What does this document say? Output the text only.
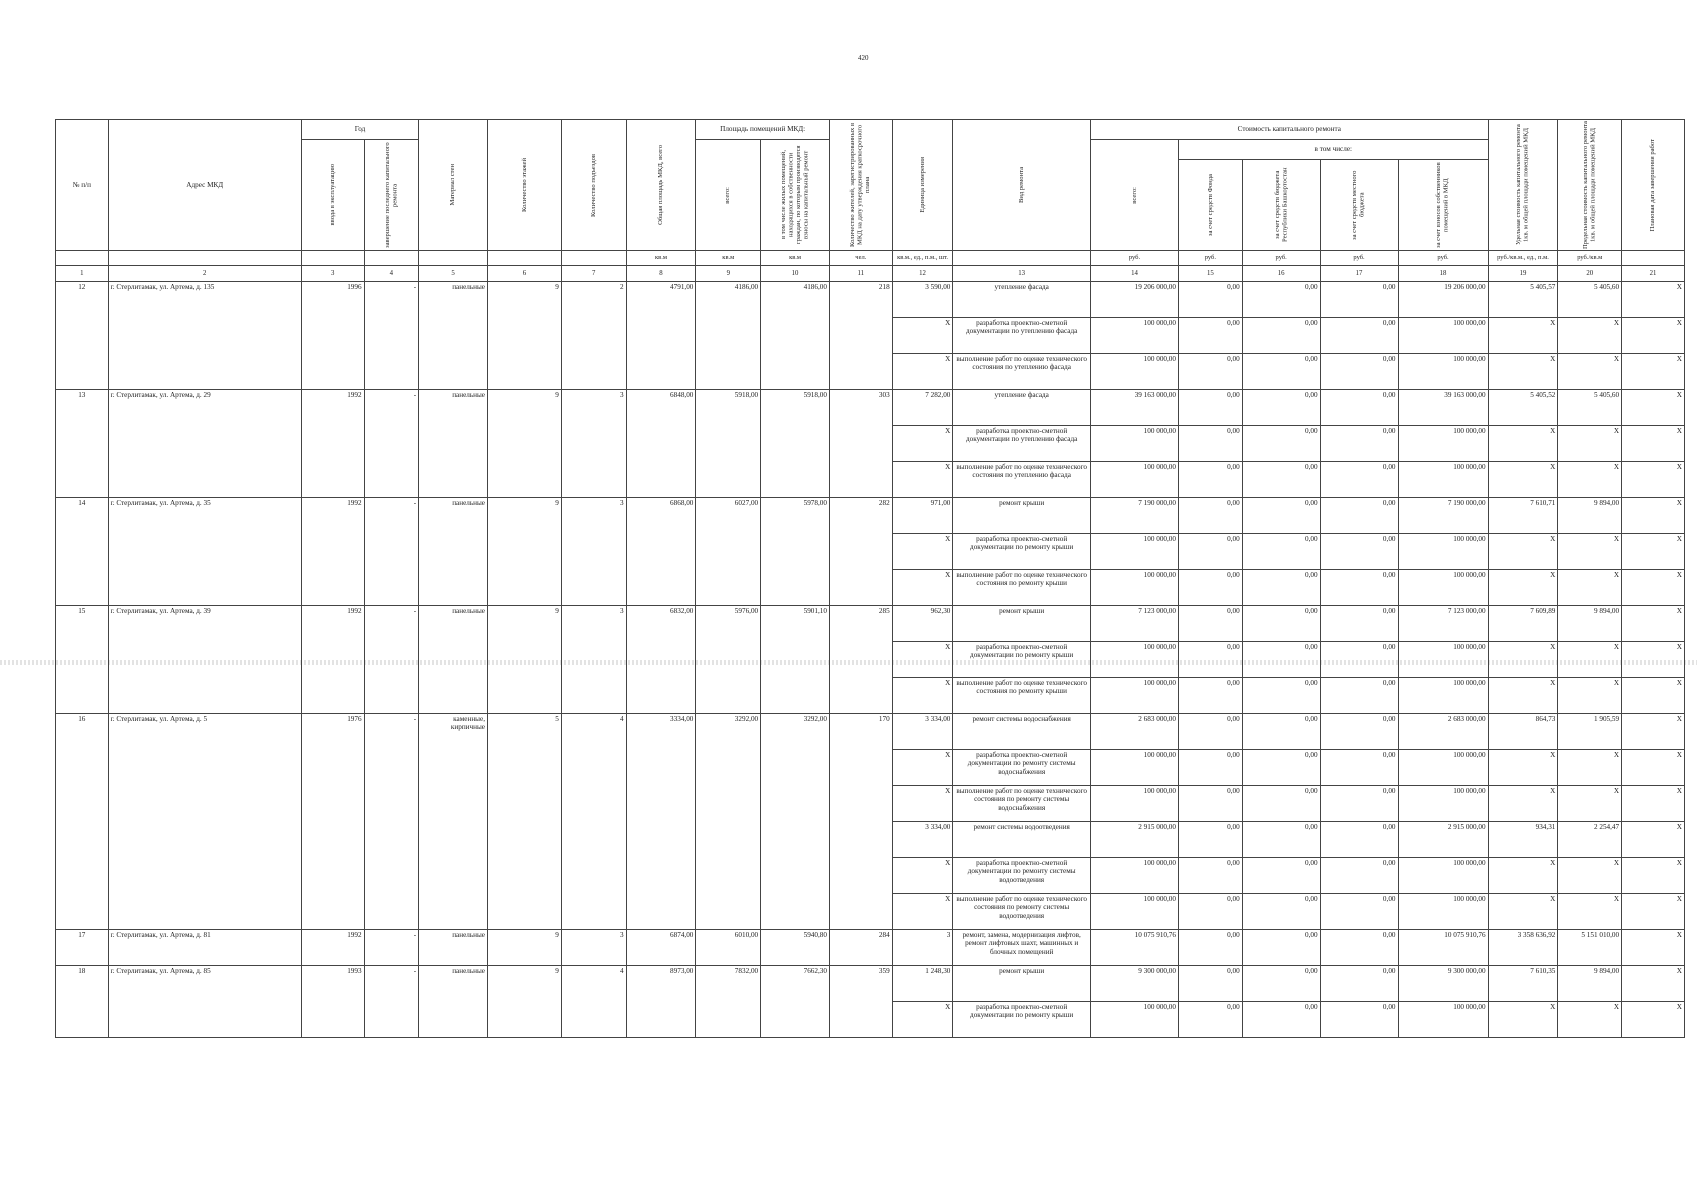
420
№ п/п	Адрес МКД	Год		Материал стен	Количество этажей	Количество подъездов	Общая площадь МКД, всего	Площадь помещений МКД:		Количество жителей, зарегистрированных в МКД на дату утверждения краткосрочного плана	Единица измерения	Вид ремонта	Стоимость капитального ремонта					Удельная стоимость капитального ремонта 1кв. м общей площади помещений МКД	Предельная стоимость капитального ремонта 1кв. м общей площади помещений МКД	Плановая дата завершения работ

		ввода в эксплуатацию	завершение последнего капитального ремонта					всего:	в том числе жилых помещений, находящихся в собственности граждан, по которым производятся взносы на капитальный ремонт				всего:	в том числе:						

														за счет средств Фонда	за счет средств бюджета Республики Башкортостан	за счет средств местного бюджета	за счет взносов собственников помещений в МКД			

							кв.м	кв.м	кв.м	чел.	кв.м., ед., п.м., шт.		руб.	руб.	руб.	руб.	руб.	руб./кв.м., ед., п.м.	руб./кв.м	
1	2	3	4	5	6	7	8	9	10	11	12	13	14	15	16	17	18	19	20	21
12	г. Стерлитамак, ул. Артема, д. 135	1996	-	панельные	9	2	4791,00	4186,00	4186,00	218	3 590,00	утепление фасада	19 206 000,00	0,00	0,00	0,00	19 206 000,00	5 405,57	5 405,60	X
											X	разработка проектно-сметной документации по утеплению фасада	100 000,00	0,00	0,00	0,00	100 000,00	X	X	X
											X	выполнение работ по оценке технического состояния по утеплению фасада	100 000,00	0,00	0,00	0,00	100 000,00	X	X	X
13	г. Стерлитамак, ул. Артема, д. 29	1992	-	панельные	9	3	6848,00	5918,00	5918,00	303	7 282,00	утепление фасада	39 163 000,00	0,00	0,00	0,00	39 163 000,00	5 405,52	5 405,60	X
											X	разработка проектно-сметной документации по утеплению фасада	100 000,00	0,00	0,00	0,00	100 000,00	X	X	X
											X	выполнение работ по оценке технического состояния по утеплению фасада	100 000,00	0,00	0,00	0,00	100 000,00	X	X	X
14	г. Стерлитамак, ул. Артема, д. 35	1992	-	панельные	9	3	6868,00	6027,00	5978,00	282	971,00	ремонт крыши	7 190 000,00	0,00	0,00	0,00	7 190 000,00	7 610,71	9 894,00	X
											X	разработка проектно-сметной документации по ремонту крыши	100 000,00	0,00	0,00	0,00	100 000,00	X	X	X
											X	выполнение работ по оценке технического состояния по ремонту крыши	100 000,00	0,00	0,00	0,00	100 000,00	X	X	X
15	г. Стерлитамак, ул. Артема, д. 39	1992	-	панельные	9	3	6832,00	5976,00	5901,10	285	962,30	ремонт крыши	7 123 000,00	0,00	0,00	0,00	7 123 000,00	7 609,89	9 894,00	X
											X	разработка проектно-сметной документации по ремонту крыши	100 000,00	0,00	0,00	0,00	100 000,00	X	X	X
											X	выполнение работ по оценке технического состояния по ремонту крыши	100 000,00	0,00	0,00	0,00	100 000,00	X	X	X
16	г. Стерлитамак, ул. Артема, д. 5	1976	-	каменные, кирпичные	5	4	3334,00	3292,00	3292,00	170	3 334,00	ремонт системы водоснабжения	2 683 000,00	0,00	0,00	0,00	2 683 000,00	864,73	1 905,59	X
											X	разработка проектно-сметной документации по ремонту системы водоснабжения	100 000,00	0,00	0,00	0,00	100 000,00	X	X	X
											X	выполнение работ по оценке технического состояния по ремонту системы водоснабжения	100 000,00	0,00	0,00	0,00	100 000,00	X	X	X
											3 334,00	ремонт системы водоотведения	2 915 000,00	0,00	0,00	0,00	2 915 000,00	934,31	2 254,47	X
											X	разработка проектно-сметной документации по ремонту системы водоотведения	100 000,00	0,00	0,00	0,00	100 000,00	X	X	X
											X	выполнение работ по оценке технического состояния по ремонту системы водоотведения	100 000,00	0,00	0,00	0,00	100 000,00	X	X	X
17	г. Стерлитамак, ул. Артема, д. 81	1992	-	панельные	9	3	6874,00	6010,00	5940,80	284	3	ремонт, замена, модернизация лифтов, ремонт лифтовых шахт, машинных и блочных помещений	10 075 910,76	0,00	0,00	0,00	10 075 910,76	3 358 636,92	5 151 010,00	X
18	г. Стерлитамак, ул. Артема, д. 85	1993	-	панельные	9	4	8973,00	7832,00	7662,30	359	1 248,30	ремонт крыши	9 300 000,00	0,00	0,00	0,00	9 300 000,00	7 610,35	9 894,00	X
											X	разработка проектно-сметной документации по ремонту крыши	100 000,00	0,00	0,00	0,00	100 000,00	X	X	X
